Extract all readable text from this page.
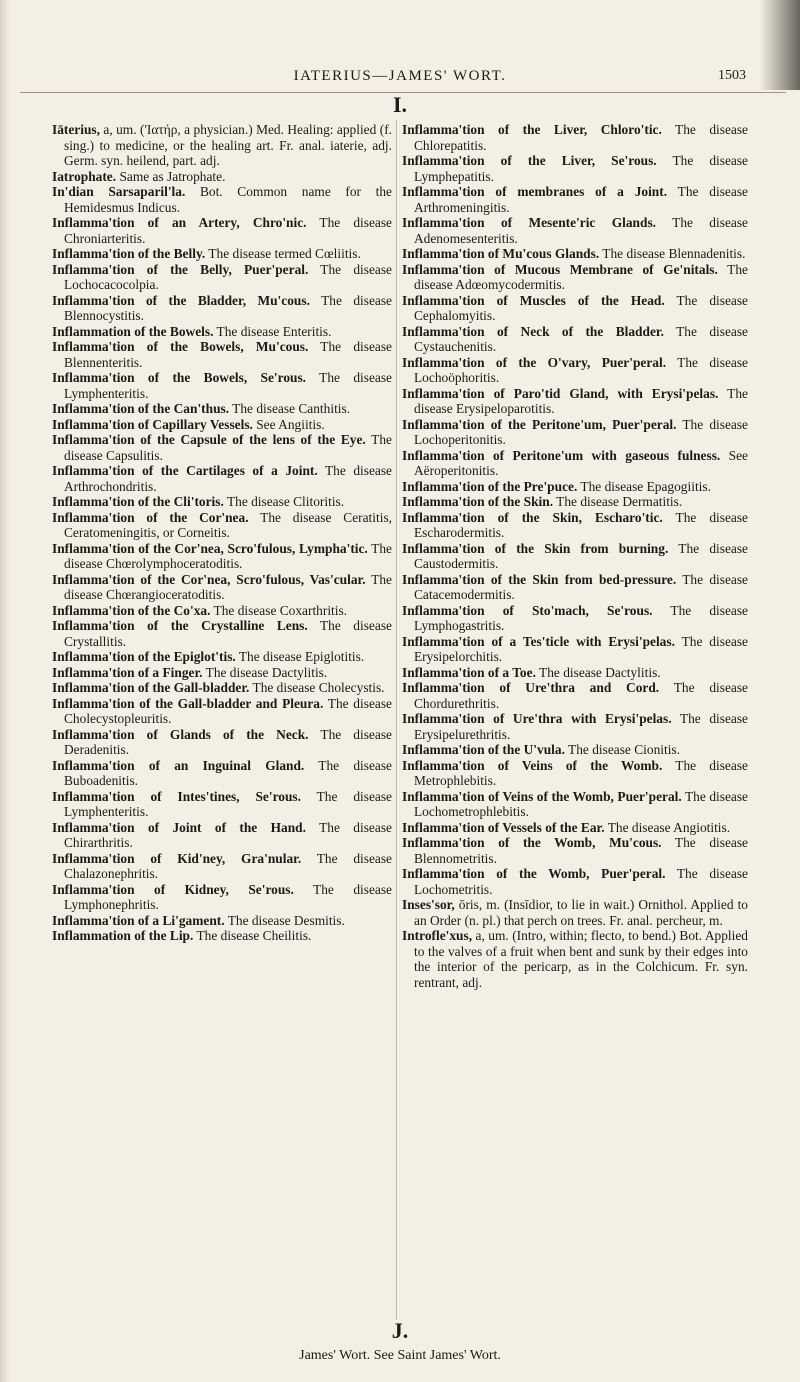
IATERIUS—JAMES' WORT.	1503
I.

Iāterius, a, um. ('Iατήρ, a physician.) Med. Healing: applied (f. sing.) to medicine, or the healing art. Fr. anal. iaterie, adj. Germ. syn. heilend, part. adj.

Iatrophate. Same as Jatrophate.

In'dian Sarsaparil'la. Bot. Common name for the Hemidesmus Indicus.

Inflamma'tion of an Artery, Chro'nic. The disease Chroniarteritis.

Inflamma'tion of the Belly. The disease termed Cœliitis.

Inflamma'tion of the Belly, Puer'peral. The disease Lochocacocolpia.

Inflamma'tion of the Bladder, Mu'cous. The disease Blennocystitis.

Inflammation of the Bowels. The disease Enteritis.

Inflamma'tion of the Bowels, Mu'cous. The disease Blennenteritis.

Inflamma'tion of the Bowels, Se'rous. The disease Lymphenteritis.

Inflamma'tion of the Can'thus. The disease Canthitis.

Inflamma'tion of Capillary Vessels. See Angiitis.

Inflamma'tion of the Capsule of the lens of the Eye. The disease Capsulitis.

Inflamma'tion of the Cartilages of a Joint. The disease Arthrochondritis.

Inflamma'tion of the Cli'toris. The disease Clitoritis.

Inflamma'tion of the Cor'nea. The disease Ceratitis, Ceratomeningitis, or Corneitis.

Inflamma'tion of the Cor'nea, Scro'fulous, Lympha'tic. The disease Chœrolymphoceratoditis.

Inflamma'tion of the Cor'nea, Scro'fulous, Vas'cular. The disease Chœrangioceratoditis.

Inflamma'tion of the Co'xa. The disease Coxarthritis.

Inflamma'tion of the Crystalline Lens. The disease Crystallitis.

Inflamma'tion of the Epiglot'tis. The disease Epiglotitis.

Inflamma'tion of a Finger. The disease Dactylitis.

Inflamma'tion of the Gall-bladder. The disease Cholecystis.

Inflamma'tion of the Gall-bladder and Pleura. The disease Cholecystopleuritis.

Inflamma'tion of Glands of the Neck. The disease Deradenitis.

Inflamma'tion of an Inguinal Gland. The disease Buboadenitis.

Inflamma'tion of Intes'tines, Se'rous. The disease Lymphenteritis.

Inflamma'tion of Joint of the Hand. The disease Chirarthritis.

Inflamma'tion of Kid'ney, Gra'nular. The disease Chalazonephritis.

Inflamma'tion of Kidney, Se'rous. The disease Lymphonephritis.

Inflamma'tion of a Li'gament. The disease Desmitis.

Inflammation of the Lip. The disease Cheilitis.

Inflamma'tion of the Liver, Chloro'tic. The disease Chlorepatitis.

Inflamma'tion of the Liver, Se'rous. The disease Lymphepatitis.

Inflamma'tion of membranes of a Joint. The disease Arthromeningitis.

Inflamma'tion of Mesente'ric Glands. The disease Adenomesenteritis.

Inflamma'tion of Mu'cous Glands. The disease Blennadenitis.

Inflamma'tion of Mucous Membrane of Ge'nitals. The disease Adœomycodermitis.

Inflamma'tion of Muscles of the Head. The disease Cephalomyitis.

Inflamma'tion of Neck of the Bladder. The disease Cystauchenitis.

Inflamma'tion of the O'vary, Puer'peral. The disease Lochoöphoritis.

Inflamma'tion of Paro'tid Gland, with Erysi'pelas. The disease Erysipeloparotitis.

Inflamma'tion of the Peritone'um, Puer'peral. The disease Lochoperitonitis.

Inflamma'tion of Peritone'um with gaseous fulness. See Aëroperitonitis.

Inflamma'tion of the Pre'puce. The disease Epagogiitis.

Inflamma'tion of the Skin. The disease Dermatitis.

Inflamma'tion of the Skin, Escharo'tic. The disease Escharodermitis.

Inflamma'tion of the Skin from burning. The disease Caustodermitis.

Inflamma'tion of the Skin from bed-pressure. The disease Catacemodermitis.

Inflamma'tion of Sto'mach, Se'rous. The disease Lymphogastritis.

Inflamma'tion of a Tes'ticle with Erysi'pelas. The disease Erysipelorchitis.

Inflamma'tion of a Toe. The disease Dactylitis.

Inflamma'tion of Ure'thra and Cord. The disease Chordurethritis.

Inflamma'tion of Ure'thra with Erysi'pelas. The disease Erysipelurethritis.

Inflamma'tion of the U'vula. The disease Cionitis.

Inflamma'tion of Veins of the Womb. The disease Metrophlebitis.

Inflamma'tion of Veins of the Womb, Puer'peral. The disease Lochometrophlebitis.

Inflamma'tion of Vessels of the Ear. The disease Angiotitis.

Inflamma'tion of the Womb, Mu'cous. The disease Blennometritis.

Inflamma'tion of the Womb, Puer'peral. The disease Lochometritis.

Inses'sor, ōris, m. (Insīdior, to lie in wait.) Ornithol. Applied to an Order (n. pl.) that perch on trees. Fr. anal. percheur, m.

Introfle'xus, a, um. (Intro, within; flecto, to bend.) Bot. Applied to the valves of a fruit when bent and sunk by their edges into the interior of the pericarp, as in the Colchicum. Fr. syn. rentrant, adj.

J.
James' Wort. See Saint James' Wort.
